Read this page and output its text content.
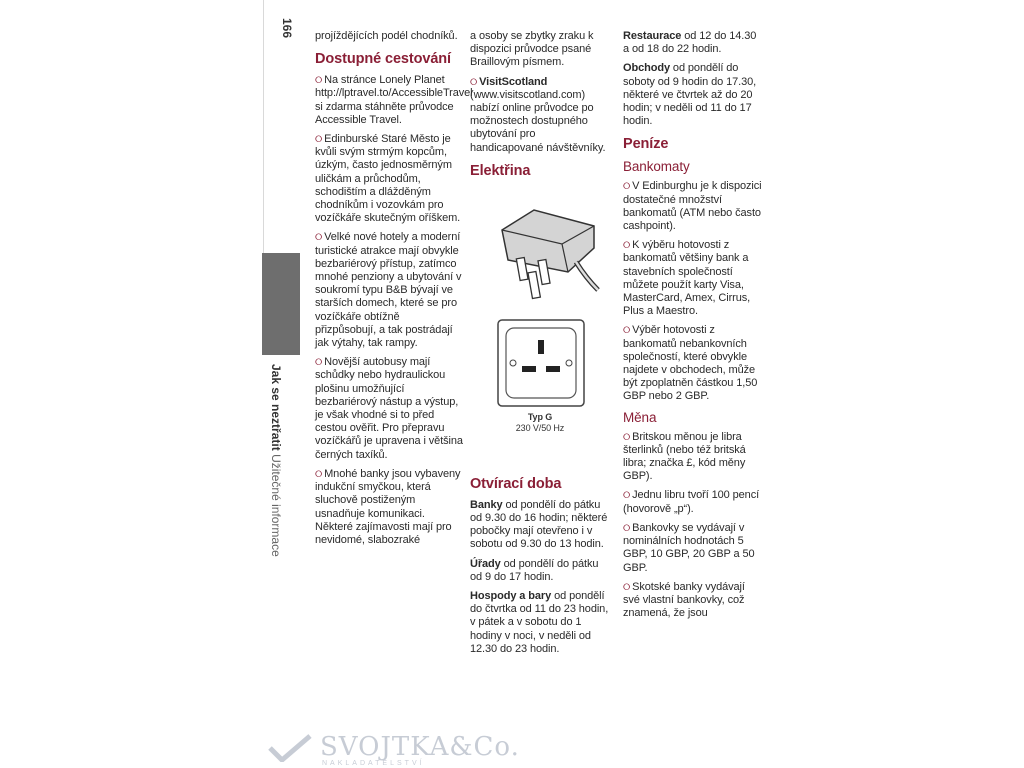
166
Jak se neztřatit Užitečné informace

projíždějících podél chodníků.

Dostupné cestování

⭘ Na stránce Lonely Planet http://lptravel.to/AccessibleTravel si zdarma stáhněte průvodce Accessible Travel.

⭘ Edinburské Staré Město je kvůli svým strmým kopcům, úzkým, často jednosměrným uličkám a průchodům, schodištím a dlážděným chodníkům i vozovkám pro vozíčkáře skutečným oříškem.

⭘ Velké nové hotely a moderní turistické atrakce mají obvykle bezbariérový přístup, zatímco mnohé penziony a ubytování v soukromí typu B&B bývají ve starších domech, které se pro vozíčkáře obtížně přizpůsobují, a tak postrádají jak výtahy, tak rampy.

⭘ Novější autobusy mají schůdky nebo hydraulickou plošinu umožňující bezbariérový nástup a výstup, je však vhodné si to před cestou ověřit. Pro přepravu vozíčkářů je upravena i většina černých taxíků.

⭘ Mnohé banky jsou vybaveny indukční smyčkou, která sluchově postiženým usnadňuje komunikaci. Některé zajímavosti mají pro nevidomé, slabozraké

a osoby se zbytky zraku k dispozici průvodce psané Braillovým písmem.

⭘ VisitScotland (www.visitscotland.com) nabízí online průvodce po možnostech dostupného ubytování pro handicapované návštěvníky.

Elektřina
Typ G
230 V/50 Hz
Otvírací doba

Banky od pondělí do pátku od 9.30 do 16 hodin; některé pobočky mají otevřeno i v sobotu od 9.30 do 13 hodin.

Úřady od pondělí do pátku od 9 do 17 hodin.

Hospody a bary od pondělí do čtvrtka od 11 do 23 hodin, v pátek a v sobotu do 1 hodiny v noci, v neděli od 12.30 do 23 hodin.

Restaurace od 12 do 14.30 a od 18 do 22 hodin.

Obchody od pondělí do soboty od 9 hodin do 17.30, některé ve čtvrtek až do 20 hodin; v neděli od 11 do 17 hodin.

Peníze
Bankomaty

⭘ V Edinburghu je k dispozici dostatečné množství bankomatů (ATM nebo často cashpoint).

⭘ K výběru hotovosti z bankomatů většiny bank a stavebních společností můžete použít karty Visa, MasterCard, Amex, Cirrus, Plus a Maestro.

⭘ Výběr hotovosti z bankomatů nebankovních společností, které obvykle najdete v obchodech, může být zpoplatněn částkou 1,50 GBP nebo 2 GBP.

Měna

⭘ Britskou měnou je libra šterlinků (nebo též britská libra; značka £, kód měny GBP).

⭘ Jednu libru tvoří 100 pencí (hovorově „p“).

⭘ Bankovky se vydávají v nominálních hodnotách 5 GBP, 10 GBP, 20 GBP a 50 GBP.

⭘ Skotské banky vydávají své vlastní bankovky, což znamená, že jsou

SVOJTKA&Co.
NAKLADATELSTVÍ
